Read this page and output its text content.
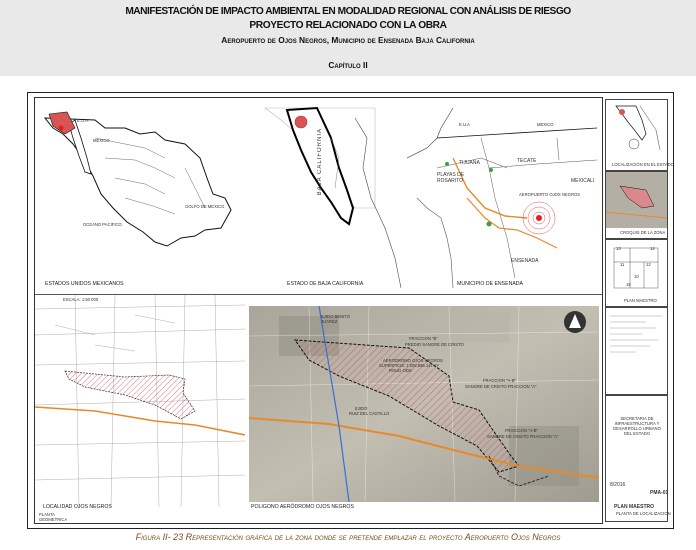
MANIFESTACIÓN DE IMPACTO AMBIENTAL EN MODALIDAD REGIONAL CON ANÁLISIS DE RIESGO
PROYECTO RELACIONADO CON LA OBRA
Aeropuerto de Ojos Negros, Municipio de Ensenada Baja California
Capítulo II
E.U.A.
MEXICO
GOLFO DE MEXICO
OCEANO PACIFICO
ESTADOS UNIDOS MEXICANOS
BAJA CALIFORNIA
ESTADO DE BAJA CALIFORNIA
E.U.A	MEXICO
TIJUANA	TECATE
PLAYAS DE ROSARITO	MEXICALI
AEROPUERTO OJOS NEGROS
ENSENADA
MUNICIPIO DE ENSENADA
ESCALA: 1:50 000
LOCALIDAD OJOS NEGROS
EJIDO BENITO JUAREZ
FRACCION "B"
PREDIO SANGRE DE CRISTO
AERODROMO OJOS NEGROS
SUPERFICIE: 1'208,885.147 m²
ROUD ODD
FRACCION "A-B"
SANGRE DE CRISTO FRACCION "A"
EJIDO
RUIZ DEL CASTILLO
FRACCION "A-B"
SANGRE DE CRISTO FRACCION "A"
POLIGONO AERÓDROMO OJOS NEGROS
PLANTA GEOMETRICA
LOCALIZACIÓN EN EL ESTADO
CROQUIS DE LA ZONA
13	14
11	12
10
15
PLAN MAESTRO
SECRETARIA DE INFRAESTRUCTURA Y DESARROLLO URBANO DEL ESTADO
8/2016
PLAN MAESTRO
PLANTA DE LOCALIZACION
PMA-01
Figura II- 23 Representación gráfica de la zona donde se pretende emplazar el proyecto Aeropuerto Ojos Negros
